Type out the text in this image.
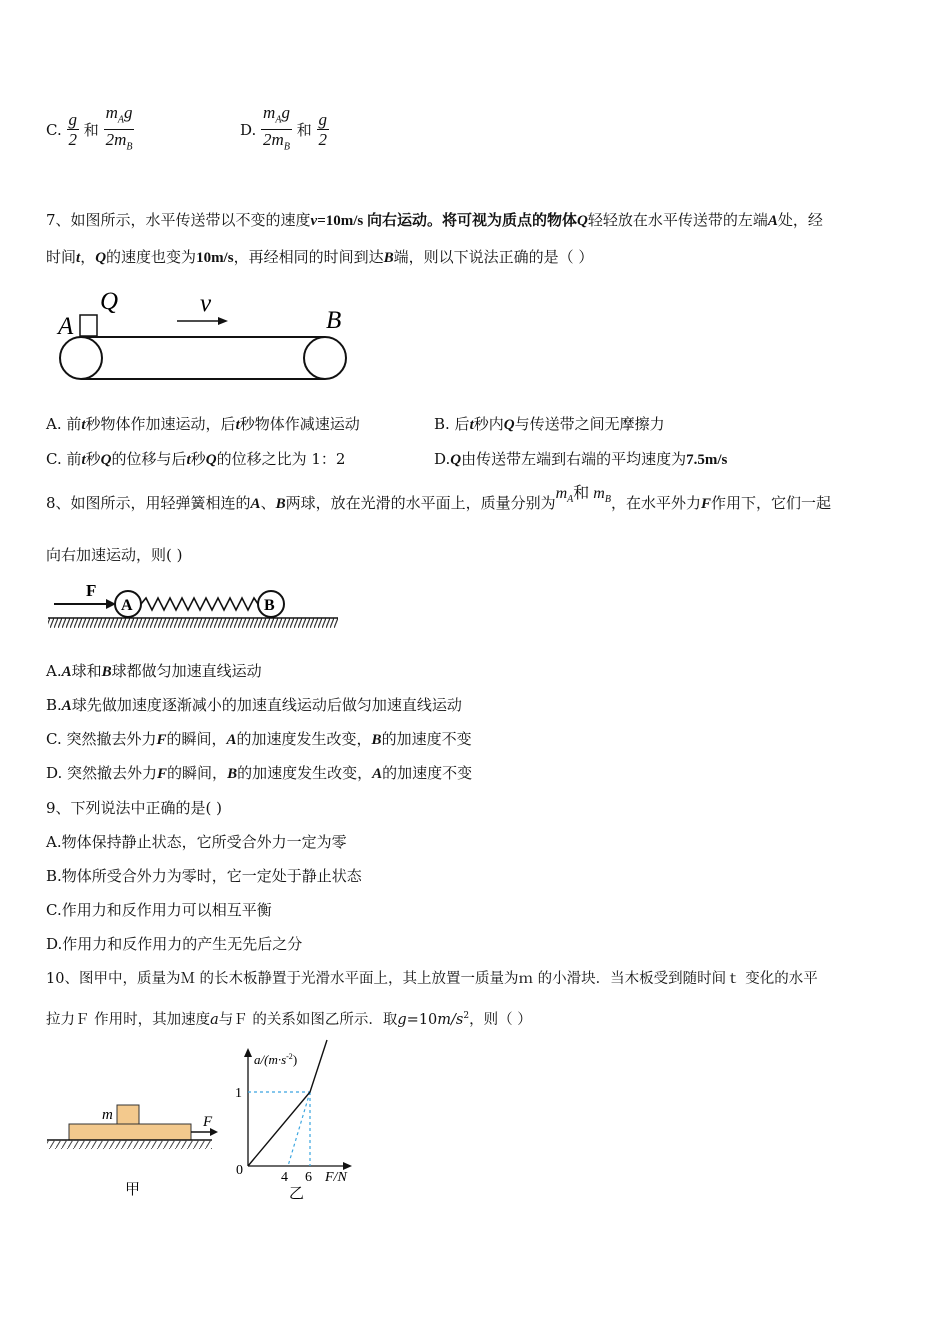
C. $\frac{g}{2}$ 和 $\frac{m_Ag}{2m_B}$	D. $\frac{m_Ag}{2m_B}$ 和 $\frac{g}{2}$
7、如图所示，水平传送带以不变的速度v=10m/s 向右运动。将可视为质点的物体Q轻轻放在水平传送带的左端A处，经
时间t，Q的速度也变为10m/s，再经相同的时间到达B端，则以下说法正确的是（ ）
A
Q	v
B
A. 前t秒物体作加速运动，后t秒物体作减速运动	B. 后t秒内Q与传送带之间无摩擦力
C. 前t秒Q的位移与后t秒Q的位移之比为 1：2	D.Q由传送带左端到右端的平均速度为7.5m/s
8、如图所示，用轻弹簧相连的A、B两球，放在光滑的水平面上，质量分别为$m_A$和 $m_B$，在水平外力F作用下，它们一起
向右加速运动，则( )
F
A	B
A.A球和B球都做匀加速直线运动
B.A球先做加速度逐渐减小的加速直线运动后做匀加速直线运动
C. 突然撤去外力F的瞬间，A的加速度发生改变，B的加速度不变
D. 突然撤去外力F的瞬间，B的加速度发生改变，A的加速度不变
9、下列说法中正确的是( )
A.物体保持静止状态，它所受合外力一定为零
B.物体所受合外力为零时，它一定处于静止状态
C.作用力和反作用力可以相互平衡
D.作用力和反作用力的产生无先后之分
10、图甲中，质量为Ｍ 的长木板静置于光滑水平面上，其上放置一质量为ｍ 的小滑块．当木板受到随时间ｔ 变化的水平
拉力Ｆ 作用时，其加速度a与Ｆ 的关系如图乙所示．取$g=10m/s^2$，则（ ）
m	F
甲
$a/(m\cdot s^{-2})$
1
0	4 6 F/N
乙
